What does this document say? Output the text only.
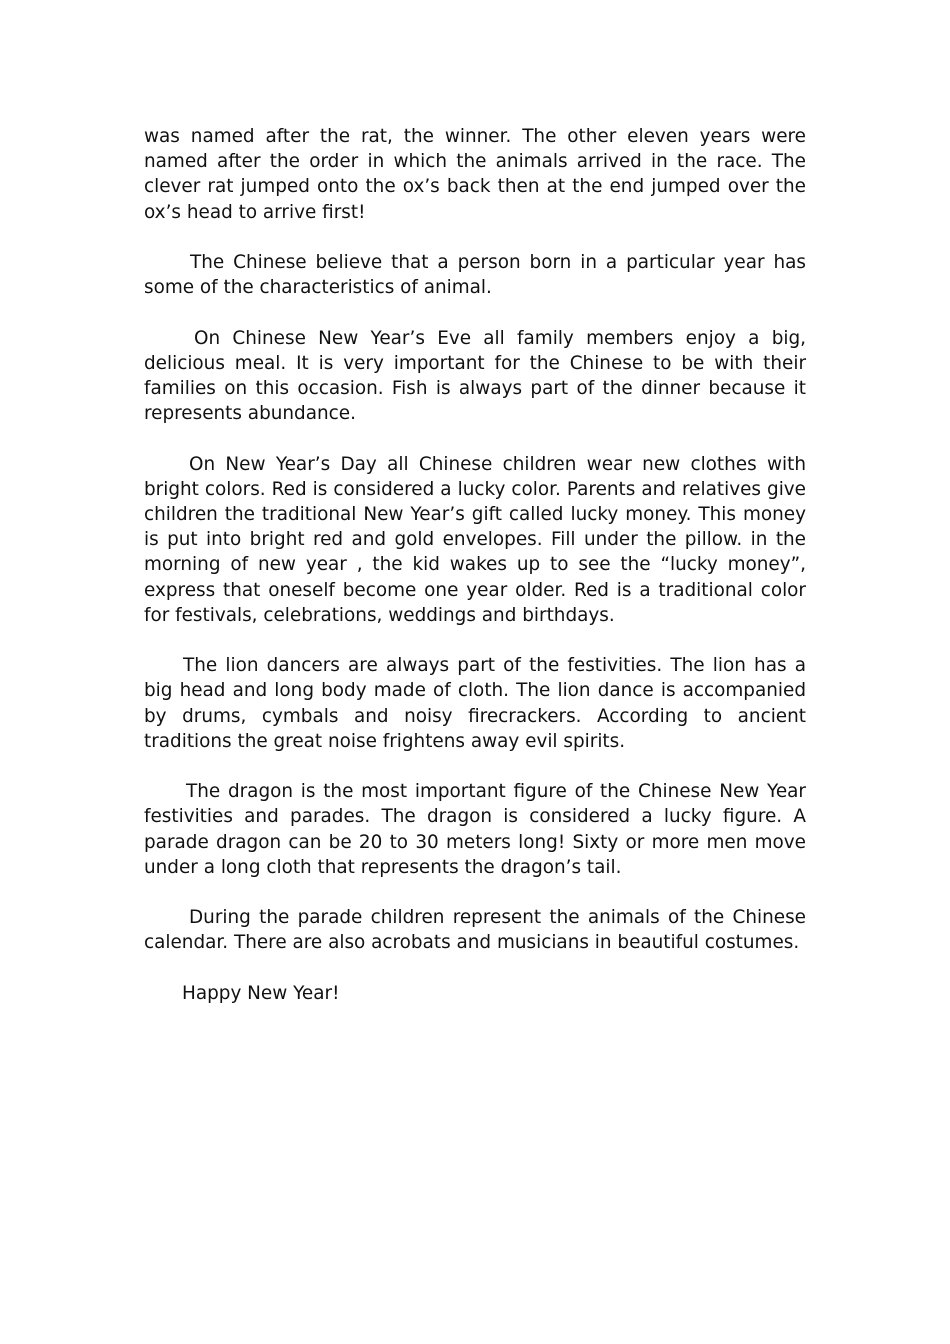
was named after the rat, the winner. The other eleven years were named after the order in which the animals arrived in the race. The clever rat jumped onto the ox’s back then at the end jumped over the ox’s head to arrive first!

The Chinese believe that a person born in a particular year has some of the characteristics of animal.

On Chinese New Year’s Eve all family members enjoy a big, delicious meal. It is very important for the Chinese to be with their families on this occasion. Fish is always part of the dinner because it represents abundance.

On New Year’s Day all Chinese children wear new clothes with bright colors. Red is considered a lucky color. Parents and relatives give children the traditional New Year’s gift called lucky money. This money is put into bright red and gold envelopes. Fill under the pillow. in the morning of new year , the kid wakes up to see the “lucky money”, express that oneself become one year older. Red is a traditional color for festivals, celebrations, weddings and birthdays.

The lion dancers are always part of the festivities. The lion has a big head and long body made of cloth. The lion dance is accompanied by drums, cymbals and noisy firecrackers. According to ancient traditions the great noise frightens away evil spirits.

The dragon is the most important figure of the Chinese New Year festivities and parades. The dragon is considered a lucky figure. A parade dragon can be 20 to 30 meters long! Sixty or more men move under a long cloth that represents the dragon’s tail.

During the parade children represent the animals of the Chinese calendar. There are also acrobats and musicians in beautiful costumes.

Happy New Year!
